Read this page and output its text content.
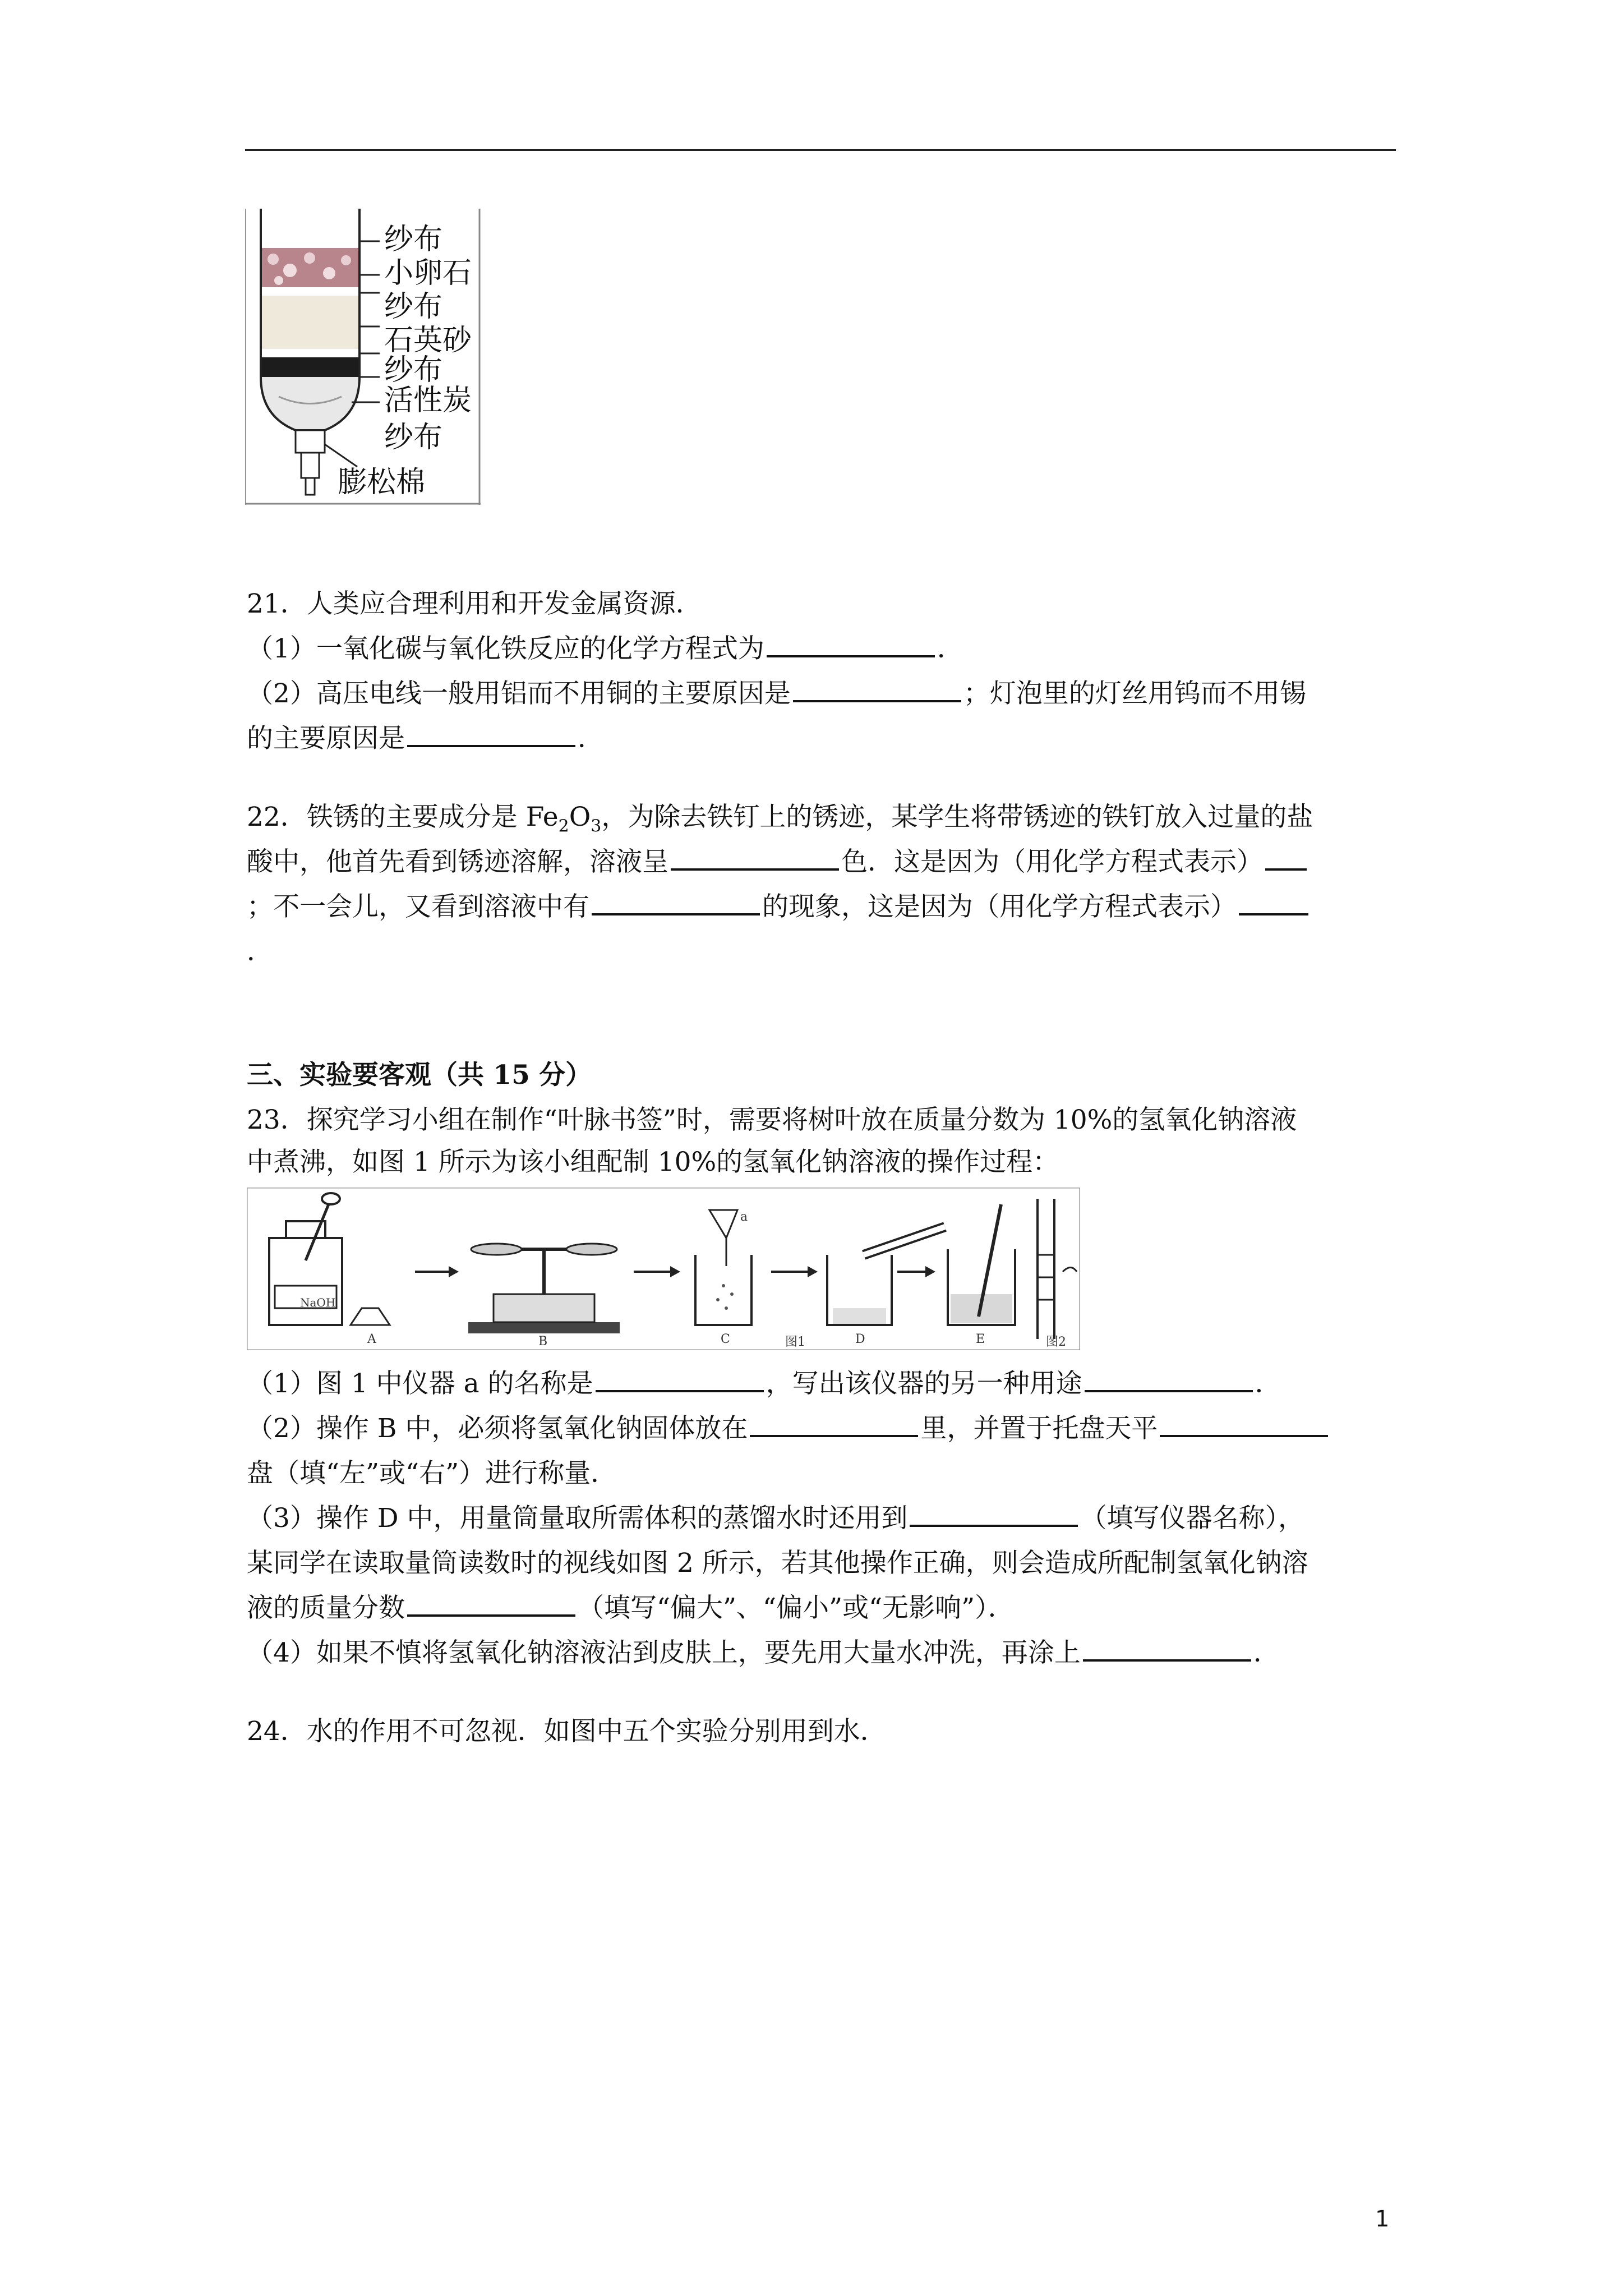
纱布
小卵石
纱布
石英砂
纱布
活性炭
纱布
膨松棉
21．人类应合理利用和开发金属资源．
（1）一氧化碳与氧化铁反应的化学方程式为	．
（2）高压电线一般用铝而不用铜的主要原因是	；灯泡里的灯丝用钨而不用锡
的主要原因是	．
22．铁锈的主要成分是 $Fe_2O_3$，为除去铁钉上的锈迹，某学生将带锈迹的铁钉放入过量的盐
酸中，他首先看到锈迹溶解，溶液呈	色．这是因为（用化学方程式表示）
；不一会儿，又看到溶液中有	的现象，这是因为（用化学方程式表示）
．
三、实验要客观（共 15 分）
23．探究学习小组在制作“叶脉书签”时，需要将树叶放在质量分数为 10%的氢氧化钠溶液
中煮沸，如图 1 所示为该小组配制 10%的氢氧化钠溶液的操作过程：
NaOH
A	B	C	D	E
a
图1	图2
（1）图 1 中仪器 a 的名称是	，写出该仪器的另一种用途	．
（2）操作 B 中，必须将氢氧化钠固体放在	里，并置于托盘天平
盘（填“左”或“右”）进行称量．
（3）操作 D 中，用量筒量取所需体积的蒸馏水时还用到	（填写仪器名称），
某同学在读取量筒读数时的视线如图 2 所示，若其他操作正确，则会造成所配制氢氧化钠溶
液的质量分数	（填写“偏大”、“偏小”或“无影响”）．
（4）如果不慎将氢氧化钠溶液沾到皮肤上，要先用大量水冲洗，再涂上	．
24．水的作用不可忽视．如图中五个实验分别用到水．
1
